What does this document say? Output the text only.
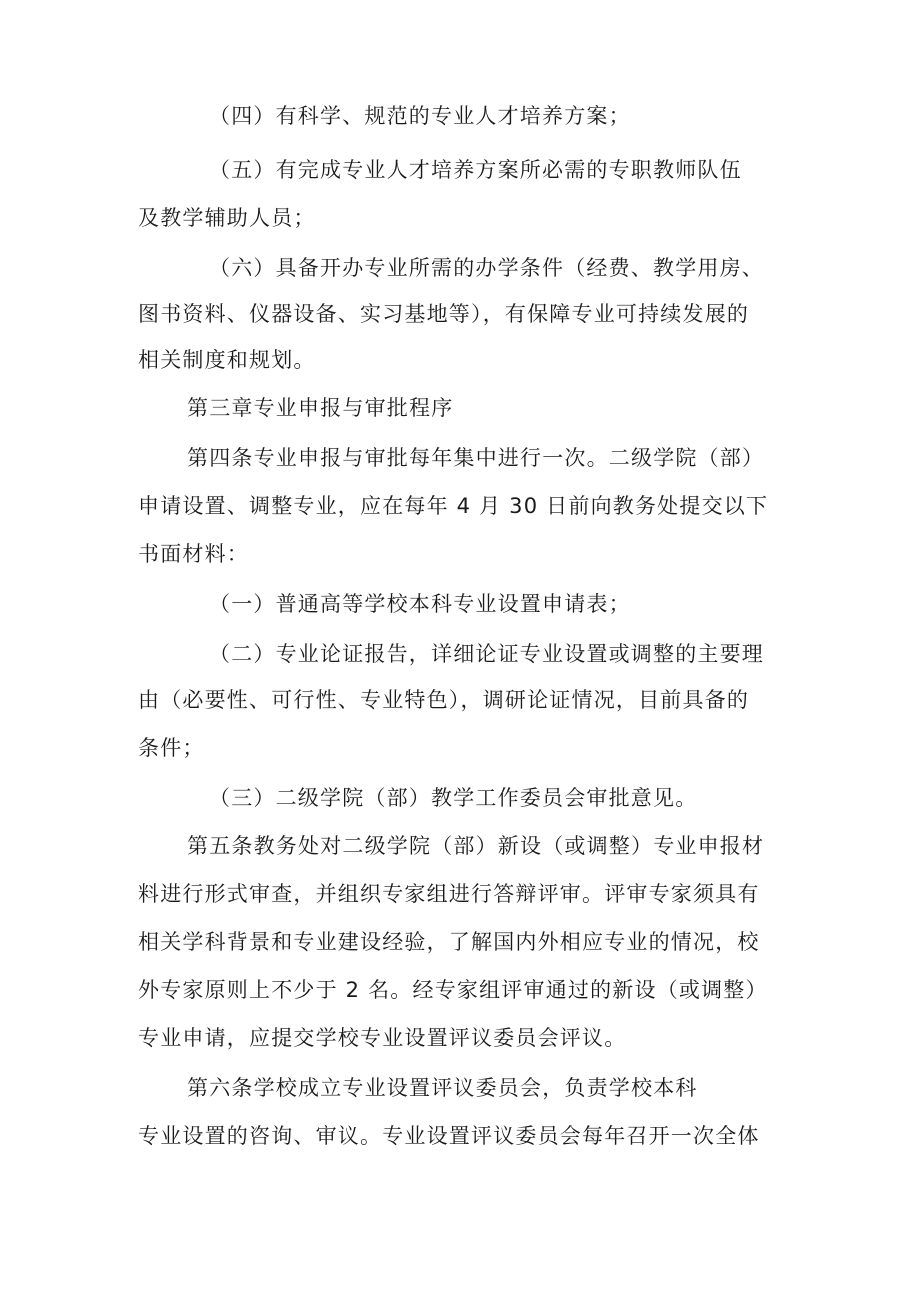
（四）有科学、规范的专业人才培养方案；
（五）有完成专业人才培养方案所必需的专职教师队伍
及教学辅助人员；
（六）具备开办专业所需的办学条件（经费、教学用房、
图书资料、仪器设备、实习基地等），有保障专业可持续发展的
相关制度和规划。
第三章专业申报与审批程序
第四条专业申报与审批每年集中进行一次。二级学院（部）
申请设置、调整专业，应在每年 4 月 30 日前向教务处提交以下
书面材料：
（一）普通高等学校本科专业设置申请表；
（二）专业论证报告，详细论证专业设置或调整的主要理
由（必要性、可行性、专业特色），调研论证情况，目前具备的
条件；
（三）二级学院（部）教学工作委员会审批意见。
第五条教务处对二级学院（部）新设（或调整）专业申报材
料进行形式审查，并组织专家组进行答辩评审。评审专家须具有
相关学科背景和专业建设经验，了解国内外相应专业的情况，校
外专家原则上不少于 2 名。经专家组评审通过的新设（或调整）
专业申请，应提交学校专业设置评议委员会评议。
第六条学校成立专业设置评议委员会，负责学校本科
专业设置的咨询、审议。专业设置评议委员会每年召开一次全体
